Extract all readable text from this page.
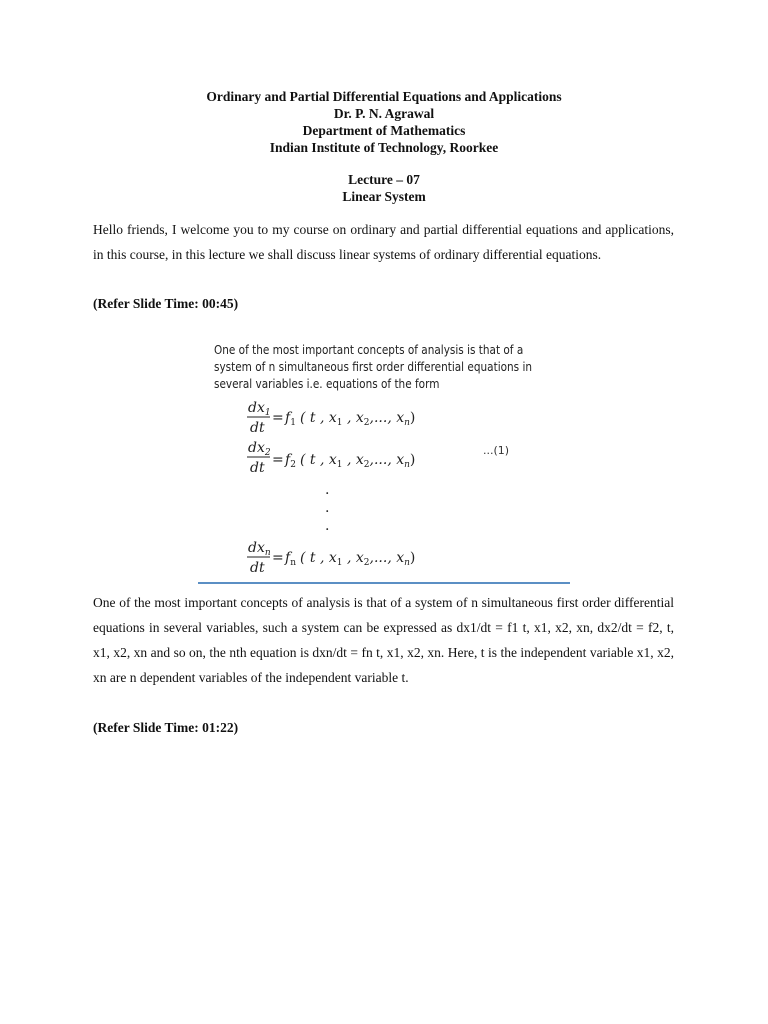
Ordinary and Partial Differential Equations and Applications
Dr. P. N. Agrawal
Department of Mathematics
Indian Institute of Technology, Roorkee
Lecture – 07
Linear System
Hello friends, I welcome you to my course on ordinary and partial differential equations and applications, in this course, in this lecture we shall discuss linear systems of ordinary differential equations.
(Refer Slide Time: 00:45)
One of the most important concepts of analysis is that of a
system of n simultaneous first order differential equations in
several variables i.e. equations of the form
$dx_1$
dt
= $f_1$ ( t , $x_1$ , $x_2$,..., $x_n$)
$dx_2$
dt = $f_2$ ( t , $x_1$ , $x_2$,..., $x_n$)
.
.
.
$dx_n$
dt
= $f_n$ ( t , $x_1$ , $x_2$,..., $x_n$)
...(1)
One of the most important concepts of analysis is that of a system of n simultaneous first order differential equations in several variables, such a system can be expressed as dx1/dt = f1 t, x1, x2, xn, dx2/dt = f2, t, x1, x2, xn and so on, the nth equation is dxn/dt = fn t, x1, x2, xn. Here, t is the independent variable x1, x2, xn are n dependent variables of the independent variable t.
(Refer Slide Time: 01:22)
